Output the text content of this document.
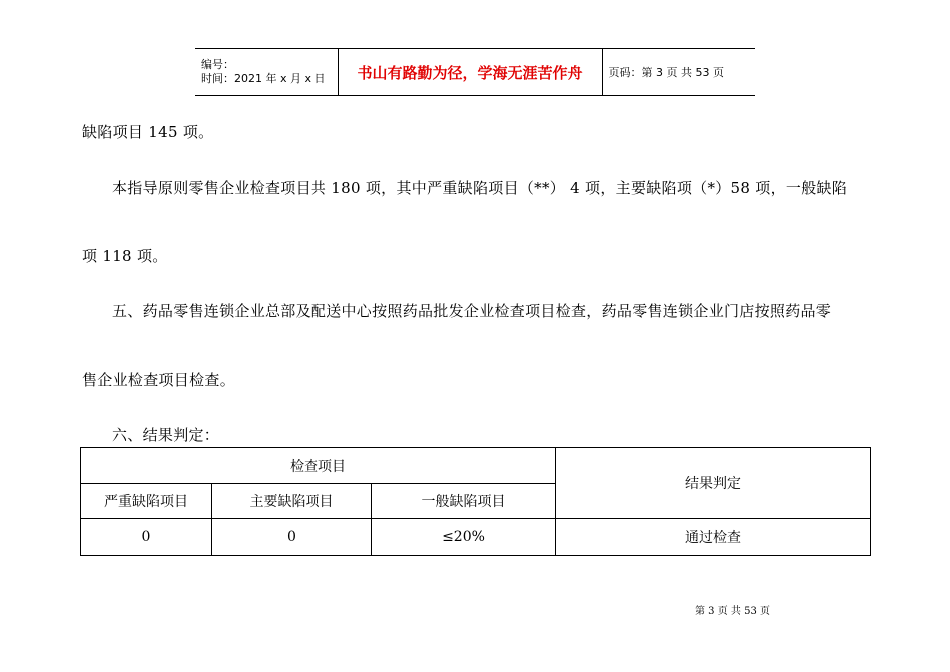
编号：
时间：2021 年 x 月 x 日	书山有路勤为径，学海无涯苦作舟	页码：第 3 页 共 53 页
缺陷项目 145 项。
本指导原则零售企业检查项目共 180 项，其中严重缺陷项目（**） 4 项，主要缺陷项（*）58 项，一般缺陷
项 118 项。
五、药品零售连锁企业总部及配送中心按照药品批发企业检查项目检查，药品零售连锁企业门店按照药品零
售企业检查项目检查。
六、结果判定：
检查项目			结果判定
严重缺陷项目	主要缺陷项目	一般缺陷项目	
0	0	≤20%	通过检查
第 3 页 共 53 页
